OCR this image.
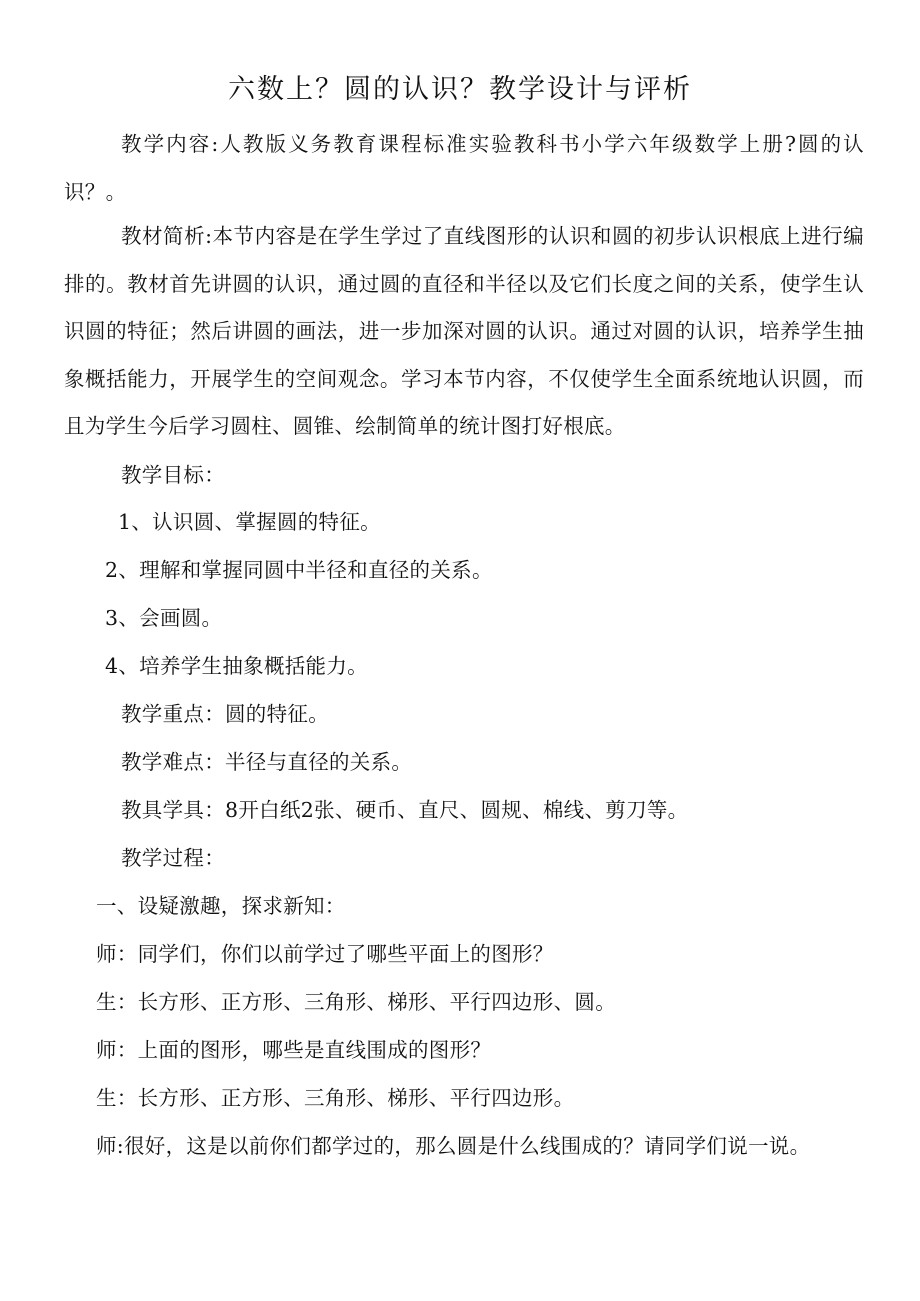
六数上？圆的认识？教学设计与评析

教学内容:人教版义务教育课程标准实验教科书小学六年级数学上册?圆的认识？。

教材简析:本节内容是在学生学过了直线图形的认识和圆的初步认识根底上进行编排的。教材首先讲圆的认识，通过圆的直径和半径以及它们长度之间的关系，使学生认识圆的特征；然后讲圆的画法，进一步加深对圆的认识。通过对圆的认识，培养学生抽象概括能力，开展学生的空间观念。学习本节内容，不仅使学生全面系统地认识圆，而且为学生今后学习圆柱、圆锥、绘制简单的统计图打好根底。

教学目标：
1、认识圆、掌握圆的特征。
2、理解和掌握同圆中半径和直径的关系。
3、会画圆。
4、培养学生抽象概括能力。
教学重点：圆的特征。
教学难点：半径与直径的关系。
教具学具：8开白纸2张、硬币、直尺、圆规、棉线、剪刀等。
教学过程：
一、设疑激趣，探求新知：
师：同学们，你们以前学过了哪些平面上的图形？
生：长方形、正方形、三角形、梯形、平行四边形、圆。
师：上面的图形，哪些是直线围成的图形？
生：长方形、正方形、三角形、梯形、平行四边形。
师:很好，这是以前你们都学过的，那么圆是什么线围成的？请同学们说一说。
